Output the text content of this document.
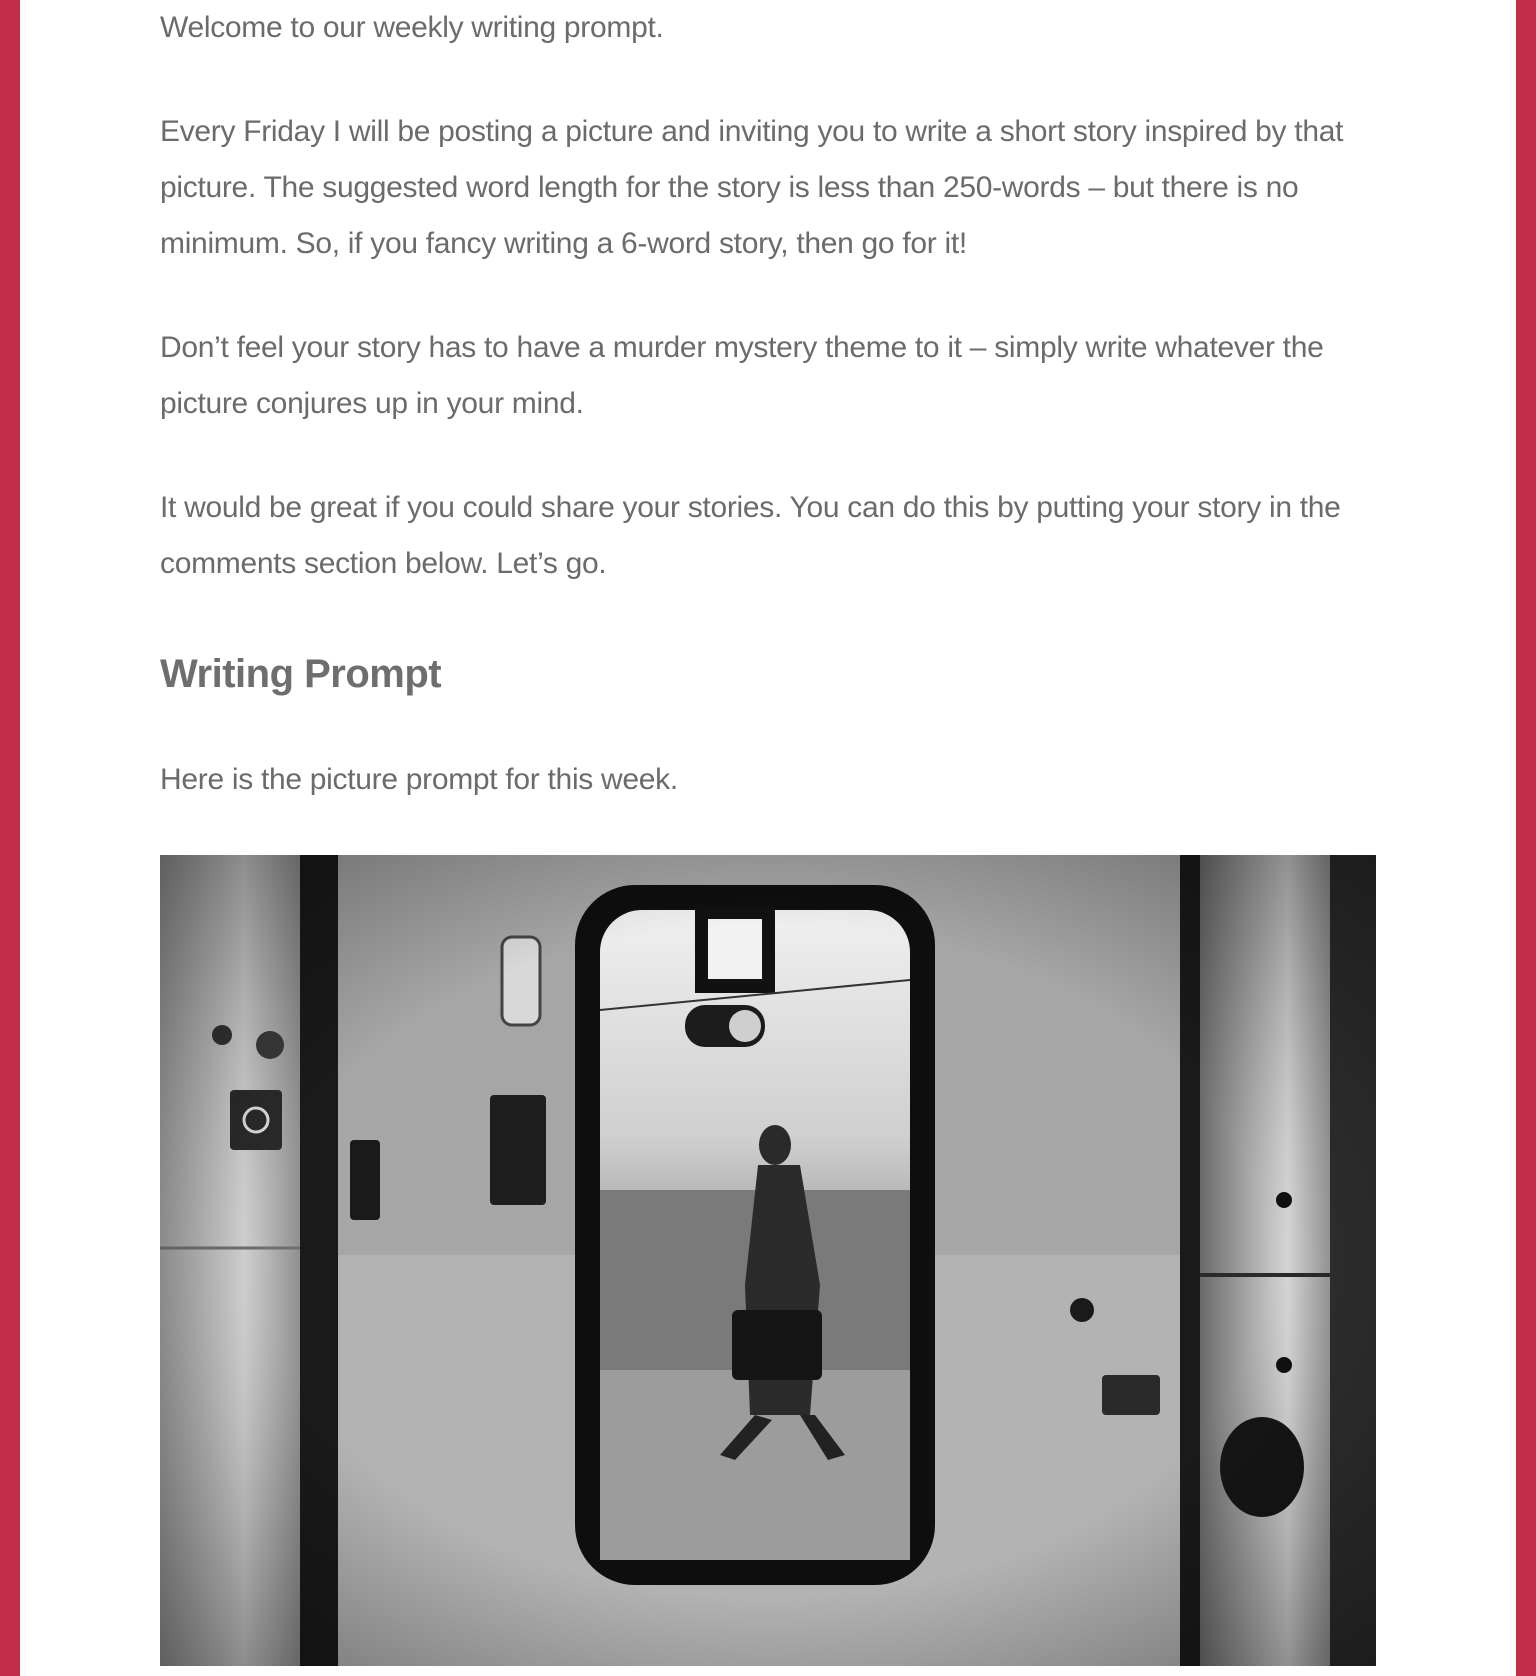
Welcome to our weekly writing prompt.

Every Friday I will be posting a picture and inviting you to write a short story inspired by that picture. The suggested word length for the story is less than 250-words – but there is no minimum. So, if you fancy writing a 6-word story, then go for it!

Don’t feel your story has to have a murder mystery theme to it – simply write whatever the picture conjures up in your mind.

It would be great if you could share your stories. You can do this by putting your story in the comments section below. Let’s go.

Writing Prompt

Here is the picture prompt for this week.
